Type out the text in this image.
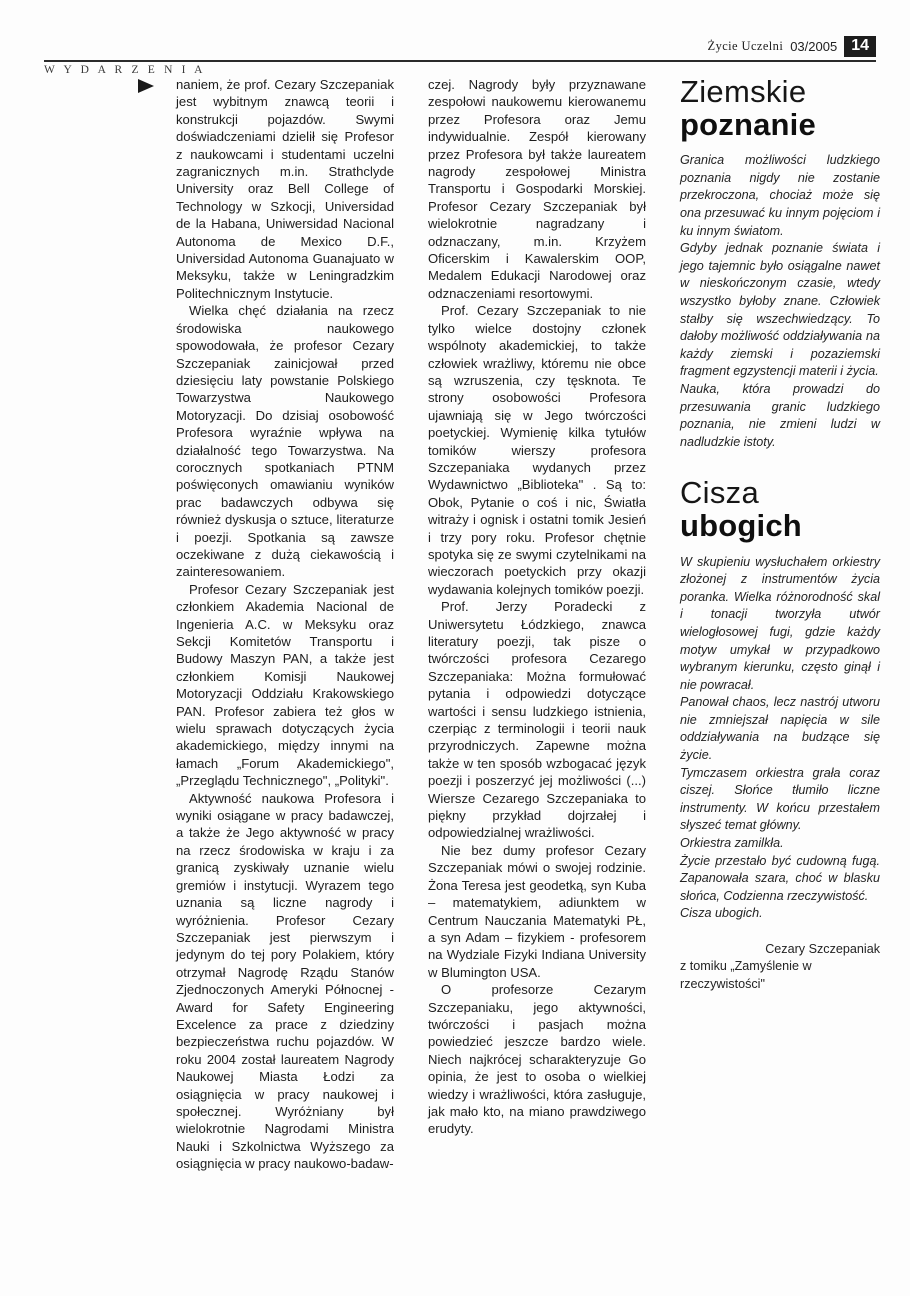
Życie Uczelni 03/2005 14
W Y D A R Z E N I A

naniem, że prof. Cezary Szczepaniak jest wybitnym znawcą teorii i konstrukcji pojazdów. Swymi doświadczeniami dzielił się Profesor z naukowcami i studentami uczelni zagranicznych m.in. Strathclyde University oraz Bell College of Technology w Szkocji, Universidad de la Habana, Uniwersidad Nacional Autonoma de Mexico D.F., Universidad Autonoma Guanajuato w Meksyku, także w Leningradzkim Politechnicznym Instytucie.

Wielka chęć działania na rzecz środowiska naukowego spowodowała, że profesor Cezary Szczepaniak zainicjował przed dziesięciu laty powstanie Polskiego Towarzystwa Naukowego Motoryzacji. Do dzisiaj osobowość Profesora wyraźnie wpływa na działalność tego Towarzystwa. Na corocznych spotkaniach PTNM poświęconych omawianiu wyników prac badawczych odbywa się również dyskusja o sztuce, literaturze i poezji. Spotkania są zawsze oczekiwane z dużą ciekawością i zainteresowaniem.

Profesor Cezary Szczepaniak jest członkiem Akademia Nacional de Ingenieria A.C. w Meksyku oraz Sekcji Komitetów Transportu i Budowy Maszyn PAN, a także jest członkiem Komisji Naukowej Motoryzacji Oddziału Krakowskiego PAN. Profesor zabiera też głos w wielu sprawach dotyczących życia akademickiego, między innymi na łamach „Forum Akademickiego", „Przeglądu Technicznego", „Polityki".

Aktywność naukowa Profesora i wyniki osiągane w pracy badawczej, a także że Jego aktywność w pracy na rzecz środowiska w kraju i za granicą zyskiwały uznanie wielu gremiów i instytucji. Wyrazem tego uznania są liczne nagrody i wyróżnienia. Profesor Cezary Szczepaniak jest pierwszym i jedynym do tej pory Polakiem, który otrzymał Nagrodę Rządu Stanów Zjednoczonych Ameryki Północnej - Award for Safety Engineering Excelence za prace z dziedziny bezpieczeństwa ruchu pojazdów. W roku 2004 został laureatem Nagrody Naukowej Miasta Łodzi za osiągnięcia w pracy naukowej i społecznej. Wyróżniany był wielokrotnie Nagrodami Ministra Nauki i Szkolnictwa Wyższego za osiągnięcia w pracy naukowo-badaw-

czej. Nagrody były przyznawane zespołowi naukowemu kierowanemu przez Profesora oraz Jemu indywidualnie. Zespół kierowany przez Profesora był także laureatem nagrody zespołowej Ministra Transportu i Gospodarki Morskiej. Profesor Cezary Szczepaniak był wielokrotnie nagradzany i odznaczany, m.in. Krzyżem Oficerskim i Kawalerskim OOP, Medalem Edukacji Narodowej oraz odznaczeniami resortowymi.

Prof. Cezary Szczepaniak to nie tylko wielce dostojny członek wspólnoty akademickiej, to także człowiek wrażliwy, któremu nie obce są wzruszenia, czy tęsknota. Te strony osobowości Profesora ujawniają się w Jego twórczości poetyckiej. Wymienię kilka tytułów tomików wierszy profesora Szczepaniaka wydanych przez Wydawnictwo „Biblioteka" . Są to: Obok, Pytanie o coś i nic, Światła witraży i ognisk i ostatni tomik Jesień i trzy pory roku. Profesor chętnie spotyka się ze swymi czytelnikami na wieczorach poetyckich przy okazji wydawania kolejnych tomików poezji.

Prof. Jerzy Poradecki z Uniwersytetu Łódzkiego, znawca literatury poezji, tak pisze o twórczości profesora Cezarego Szczepaniaka: Można formułować pytania i odpowiedzi dotyczące wartości i sensu ludzkiego istnienia, czerpiąc z terminologii i teorii nauk przyrodniczych. Zapewne można także w ten sposób wzbogacać język poezji i poszerzyć jej możliwości (...) Wiersze Cezarego Szczepaniaka to piękny przykład dojrzałej i odpowiedzialnej wrażliwości.

Nie bez dumy profesor Cezary Szczepaniak mówi o swojej rodzinie. Żona Teresa jest geodetką, syn Kuba – matematykiem, adiunktem w Centrum Nauczania Matematyki PŁ, a syn Adam – fizykiem - profesorem na Wydziale Fizyki Indiana University w Blumington USA.

O profesorze Cezarym Szczepaniaku, jego aktywności, twórczości i pasjach można powiedzieć jeszcze bardzo wiele. Niech najkrócej scharakteryzuje Go opinia, że jest to osoba o wielkiej wiedzy i wrażliwości, która zasługuje, jak mało kto, na miano prawdziwego erudyty.

Ziemskie
poznanie

Granica możliwości ludzkiego poznania nigdy nie zostanie przekroczona, chociaż może się ona przesuwać ku innym pojęciom i ku innym światom.

Gdyby jednak poznanie świata i jego tajemnic było osiągalne nawet w nieskończonym czasie, wtedy wszystko byłoby znane. Człowiek stałby się wszechwiedzący. To dałoby możliwość oddziaływania na każdy ziemski i pozaziemski fragment egzystencji materii i życia.

Nauka, która prowadzi do przesuwania granic ludzkiego poznania, nie zmieni ludzi w nadludzkie istoty.

Cisza
ubogich

W skupieniu wysłuchałem orkiestry złożonej z instrumentów życia poranka. Wielka różnorodność skal i tonacji tworzyła utwór wielogłosowej fugi, gdzie każdy motyw umykał w przypadkowo wybranym kierunku, często ginął i nie powracał.

Panował chaos, lecz nastrój utworu nie zmniejszał napięcia w sile oddziaływania na budzące się życie.

Tymczasem orkiestra grała coraz ciszej. Słońce tłumiło liczne instrumenty. W końcu przestałem słyszeć temat główny.

Orkiestra zamilkła.

Życie przestało być cudowną fugą. Zapanowała szara, choć w blasku słońca, Codzienna rzeczywistość.

Cisza ubogich.

Cezary Szczepaniak
z tomiku „Zamyślenie w rzeczywistości"
